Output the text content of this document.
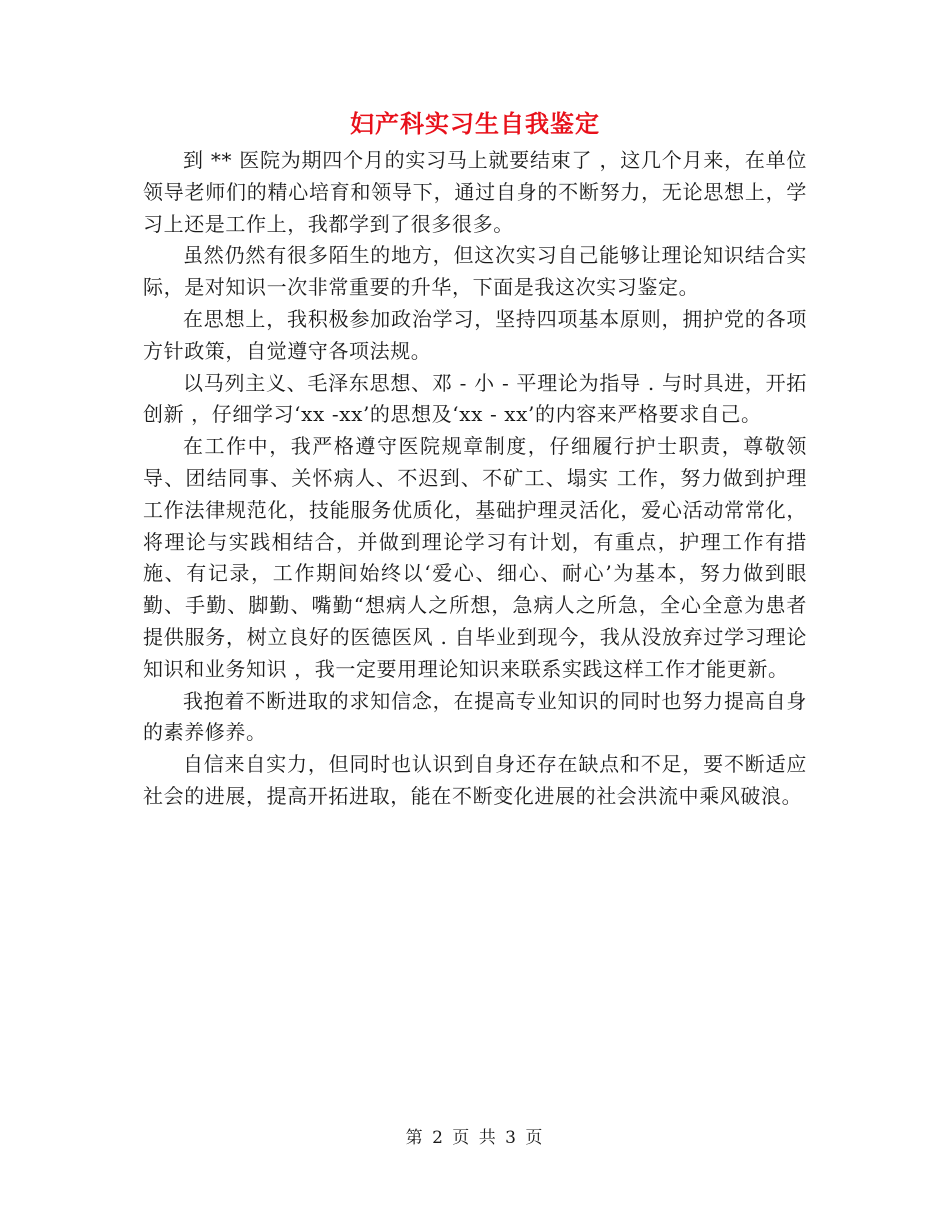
妇产科实习生自我鉴定

到 ** 医院为期四个月的实习马上就要结束了 ，这几个月来，在单位领导老师们的精心培育和领导下，通过自身的不断努力，无论思想上，学习上还是工作上，我都学到了很多很多。

虽然仍然有很多陌生的地方，但这次实习自己能够让理论知识结合实际，是对知识一次非常重要的升华，下面是我这次实习鉴定。

在思想上，我积极参加政治学习，坚持四项基本原则，拥护党的各项方针政策，自觉遵守各项法规。

以马列主义、毛泽东思想、邓 - 小 - 平理论为指导 . 与时具进，开拓创新 ，仔细学习‘xx -xx’的思想及‘xx - xx’的内容来严格要求自己。

在工作中，我严格遵守医院规章制度，仔细履行护士职责，尊敬领导、团结同事、关怀病人、不迟到、不矿工、塌实 工作，努力做到护理工作法律规范化，技能服务优质化，基础护理灵活化，爱心活动常常化，将理论与实践相结合，并做到理论学习有计划，有重点，护理工作有措施、有记录，工作期间始终以‘爱心、细心、耐心’为基本，努力做到眼勤、手勤、脚勤、嘴勤“想病人之所想，急病人之所急，全心全意为患者提供服务，树立良好的医德医风 . 自毕业到现今，我从没放弃过学习理论知识和业务知识 ，我一定要用理论知识来联系实践这样工作才能更新。

我抱着不断进取的求知信念，在提高专业知识的同时也努力提高自身的素养修养。

自信来自实力，但同时也认识到自身还存在缺点和不足，要不断适应社会的进展，提高开拓进取，能在不断变化进展的社会洪流中乘风破浪。

第 2 页 共 3 页
